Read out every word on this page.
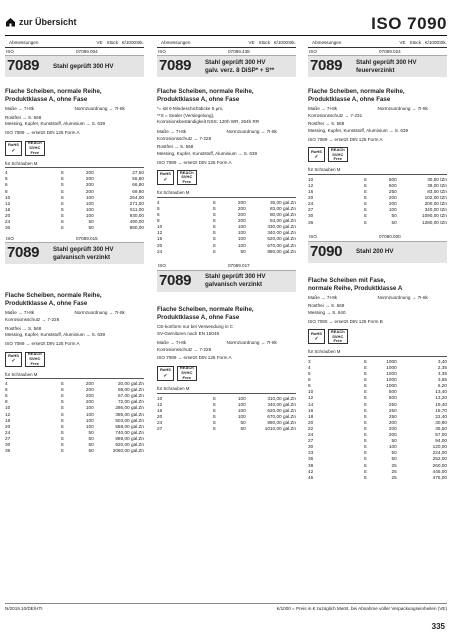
zur Übersicht	ISO 7090
Abmessungen	VE Stück €/1000Stk.
ISO	07089.004
7089	Stahl geprüft 300 HV
Flache Scheiben, normale Reihe,
Produktklasse A, ohne Fase
Maße → 7I-8k	Normzuordnung → 7I-8k
Rostfrei → S. 568
Messing, Kupfer, Kunststoff, Aluminium → S. 639
ISO 7089 → ersetzt DIN 125 Form A
RoHS
✓
REACh
SVHC
Free
für Schrauben M
4	S	200	27,50
5	S	200	56,80
6	S	200	66,80
8	S	200	69,80
10	S	100	264,00
12	S	100	271,00
16	S	100	511,00
20	S	100	930,00
24	S	50	490,00
30	S	50	880,00
ISO	07089.015
7089	Stahl geprüft 300 HV
galvanisch verzinkt
Flache Scheiben, normale Reihe,
Produktklasse A, ohne Fase
Maße → 7I-8k	Normzuordnung → 7I-8k
Korrosionsschutz → 7-228
Rostfrei → S. 568
Messing, Kupfer, Kunststoff, Aluminium → S. 639
ISO 7089 → ersetzt DIN 125 Form A
RoHS
✓
REACh
SVHC
Free
für Schrauben M
4	S	200	20,00 gal.Zn
5	S	200	59,00 gal.Zn
6	S	200	67,00 gal.Zn
8	S	200	72,00 gal.Zn
10	S	100	286,00 gal.Zn
12	S	100	385,00 gal.Zn
16	S	100	503,00 gal.Zn
20	S	100	568,00 gal.Zn
24	S	50	740,00 gal.Zn
27	S	50	869,00 gal.Zn
30	S	50	920,00 gal.Zn
36	S	50	2060,00 gal.Zn
Abmessungen	VE Stück €/1000Stk.
ISO	07089.438
7089	Stahl geprüft 300 HV
galv. verz. 8 DiSP* + S**
Flache Scheiben, normale Reihe,
Produktklasse A, ohne Fase
*= ≤8 6 Mindeschichtdicke 5 µm,
**S = Sealer (Versiegelung),
Korrosionsbeständigkeit NSS: 120h WR, 264h RR
Maße → 7I-8k	Normzuordnung → 7I-8k
Korrosionsschutz → 7-228
Rostfrei → S. 568
Messing, Kupfer, Kunststoff, Aluminium → S. 639
ISO 7089 → ersetzt DIN 125 Form A
RoHS
✓
REACh
SVHC
Free
für Schrauben M
4	S	200	35,00 gal.Zn
5	S	200	83,00 gal.Zn
6	S	200	80,00 gal.Zn
8	S	200	84,00 gal.Zn
10	S	100	330,00 gal.Zn
12	S	100	340,00 gal.Zn
16	S	100	620,00 gal.Zn
20	S	100	670,00 gal.Zn
24	S	50	880,00 gal.Zn
ISO	07089.017
7089	Stahl geprüft 300 HV
galvanisch verzinkt
Flache Scheiben, normale Reihe,
Produktklasse A, ohne Fase
CE-konform nur bei Verwendung in C
SV-Garnituren nach EN 15048
Maße → 7I-8k	Normzuordnung → 7I-8k
Korrosionsschutz → 7-228
ISO 7089 → ersetzt DIN 125 Form A
RoHS
✓
REACh
SVHC
Free
für Schrauben M
10	S	100	310,00 gal.Zn
12	S	100	340,00 gal.Zn
16	S	100	620,00 gal.Zn
20	S	100	670,00 gal.Zn
24	S	50	890,00 gal.Zn
27	S	50	1010,00 gal.Zn
Abmessungen	VE Stück €/1000Stk.
ISO	07089.024
7089	Stahl geprüft 300 HV
feuerverzinkt
Flache Scheiben, normale Reihe,
Produktklasse A, ohne Fase
Maße → 7I-8k	Normzuordnung → 7I-8k
Korrosionsschutz → 7-231
Rostfrei → S. 568
Messing, Kupfer, Kunststoff, Aluminium → S. 639
ISO 7089 → ersetzt DIN 125 Form A
RoHS
✓
REACh
SVHC
Free
für Schrauben M
10	S	500	30,50 tZn
12	S	500	39,00 tZn
16	S	250	83,00 tZn
20	S	200	102,00 tZn
24	S	200	200,00 tZn
27	S	100	340,00 tZn
30	S	50	1090,00 tZn
36	S	50	1280,00 tZn
ISO	07090.000
7090	Stahl 200 HV
Flache Scheiben mit Fase,
normale Reihe, Produktklasse A
Maße → 7I-8k	Normzuordnung → 7I-8k
Rostfrei → S. 569
Messing → S. 640
ISO 7090 → ersetzt DIN 125 Form B
RoHS
✓
REACh
SVHC
Free
für Schrauben M
3	S	1000	3,40
4	S	1000	2,35
5	S	1000	3,35
6	S	1000	3,65
8	S	1000	6,20
10	S	500	13,40
12	S	500	13,20
14	S	250	19,40
16	S	250	19,70
18	S	250	22,40
20	S	200	30,80
22	S	200	35,50
24	S	200	57,00
27	S	50	94,00
30	S	100	120,00
33	S	50	224,00
36	S	50	252,00
39	S	25	260,00
42	S	25	445,00
45	S	25	475,00
N/2019.10/DE/HTI	€/1000 = Preis in € zuzüglich MwSt. bei Abnahme voller Verpackungseinheiten (VE)
335
